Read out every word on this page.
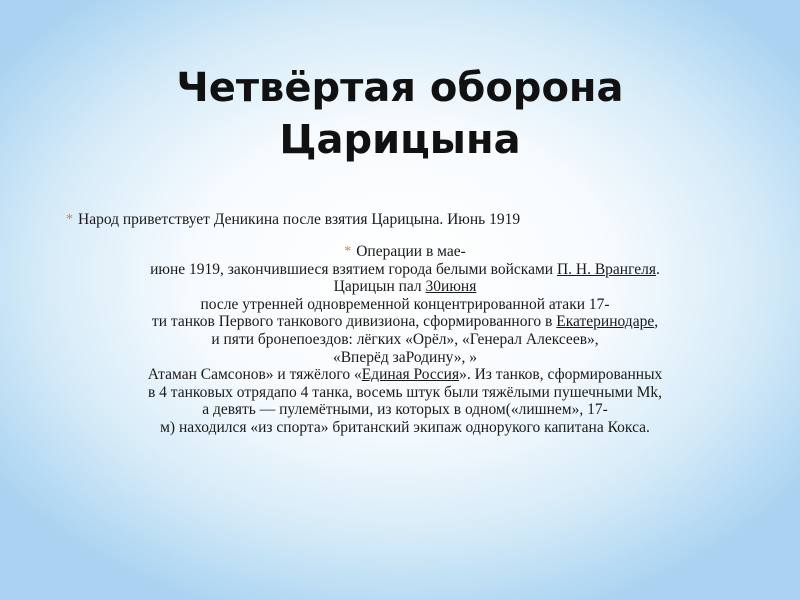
Четвёртая оборона
Царицына
* Народ приветствует Деникина после взятия Царицына. Июнь 1919
* Операции в мае-
июне 1919, закончившиеся взятием города белыми войсками П. Н. Врангеля.
Царицын пал 30июня
после утренней одновременной концентрированной атаки 17-
ти танков Первого танкового дивизиона, сформированного в Екатеринодаре,
и пяти бронепоездов: лёгких «Орёл», «Генерал Алексеев»,
«Вперёд заРодину», »
Атаман Самсонов» и тяжёлого «Единая Россия». Из танков, сформированных
в 4 танковых отрядапо 4 танка, восемь штук были тяжёлыми пушечными Mk,
а девять — пулемётными, из которых в одном(«лишнем», 17-
м) находился «из спорта» британский экипаж однорукого капитана Кокса.
